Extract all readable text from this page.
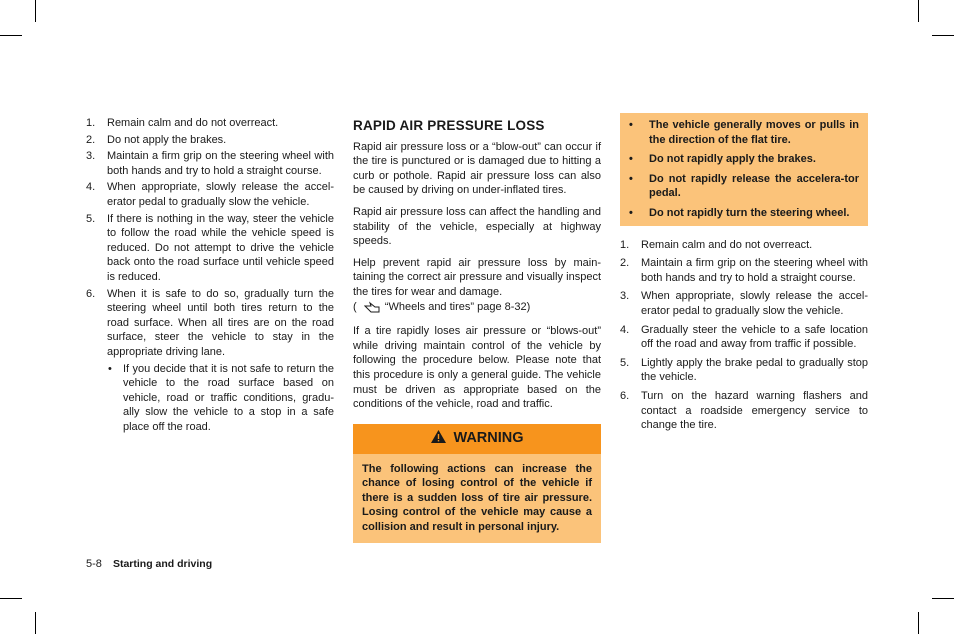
1. Remain calm and do not overreact.
2. Do not apply the brakes.
3. Maintain a firm grip on the steering wheel with both hands and try to hold a straight course.
4. When appropriate, slowly release the accel-erator pedal to gradually slow the vehicle.
5. If there is nothing in the way, steer the vehicle to follow the road while the vehicle speed is reduced. Do not attempt to drive the vehicle back onto the road surface until vehicle speed is reduced.
6. When it is safe to do so, gradually turn the steering wheel until both tires return to the road surface. When all tires are on the road surface, steer the vehicle to stay in the appropriate driving lane.
• If you decide that it is not safe to return the vehicle to the road surface based on vehicle, road or traffic conditions, gradu-ally slow the vehicle to a stop in a safe place off the road.
RAPID AIR PRESSURE LOSS

Rapid air pressure loss or a “blow-out” can occur if the tire is punctured or is damaged due to hitting a curb or pothole. Rapid air pressure loss can also be caused by driving on under-inflated tires.

Rapid air pressure loss can affect the handling and stability of the vehicle, especially at highway speeds.

Help prevent rapid air pressure loss by main-taining the correct air pressure and visually inspect the tires for wear and damage.
(	“Wheels and tires” page 8-32)

If a tire rapidly loses air pressure or “blows-out” while driving maintain control of the vehicle by following the procedure below. Please note that this procedure is only a general guide. The vehicle must be driven as appropriate based on the conditions of the vehicle, road and traffic.

WARNING
The following actions can increase the chance of losing control of the vehicle if there is a sudden loss of tire air pressure. Losing control of the vehicle may cause a collision and result in personal injury.
• The vehicle generally moves or pulls in the direction of the flat tire.
• Do not rapidly apply the brakes.
• Do not rapidly release the accelera-tor pedal.
• Do not rapidly turn the steering wheel.
1. Remain calm and do not overreact.
2. Maintain a firm grip on the steering wheel with both hands and try to hold a straight course.
3. When appropriate, slowly release the accel-erator pedal to gradually slow the vehicle.
4. Gradually steer the vehicle to a safe location off the road and away from traffic if possible.
5. Lightly apply the brake pedal to gradually stop the vehicle.
6. Turn on the hazard warning flashers and contact a roadside emergency service to change the tire.
5-8 Starting and driving
